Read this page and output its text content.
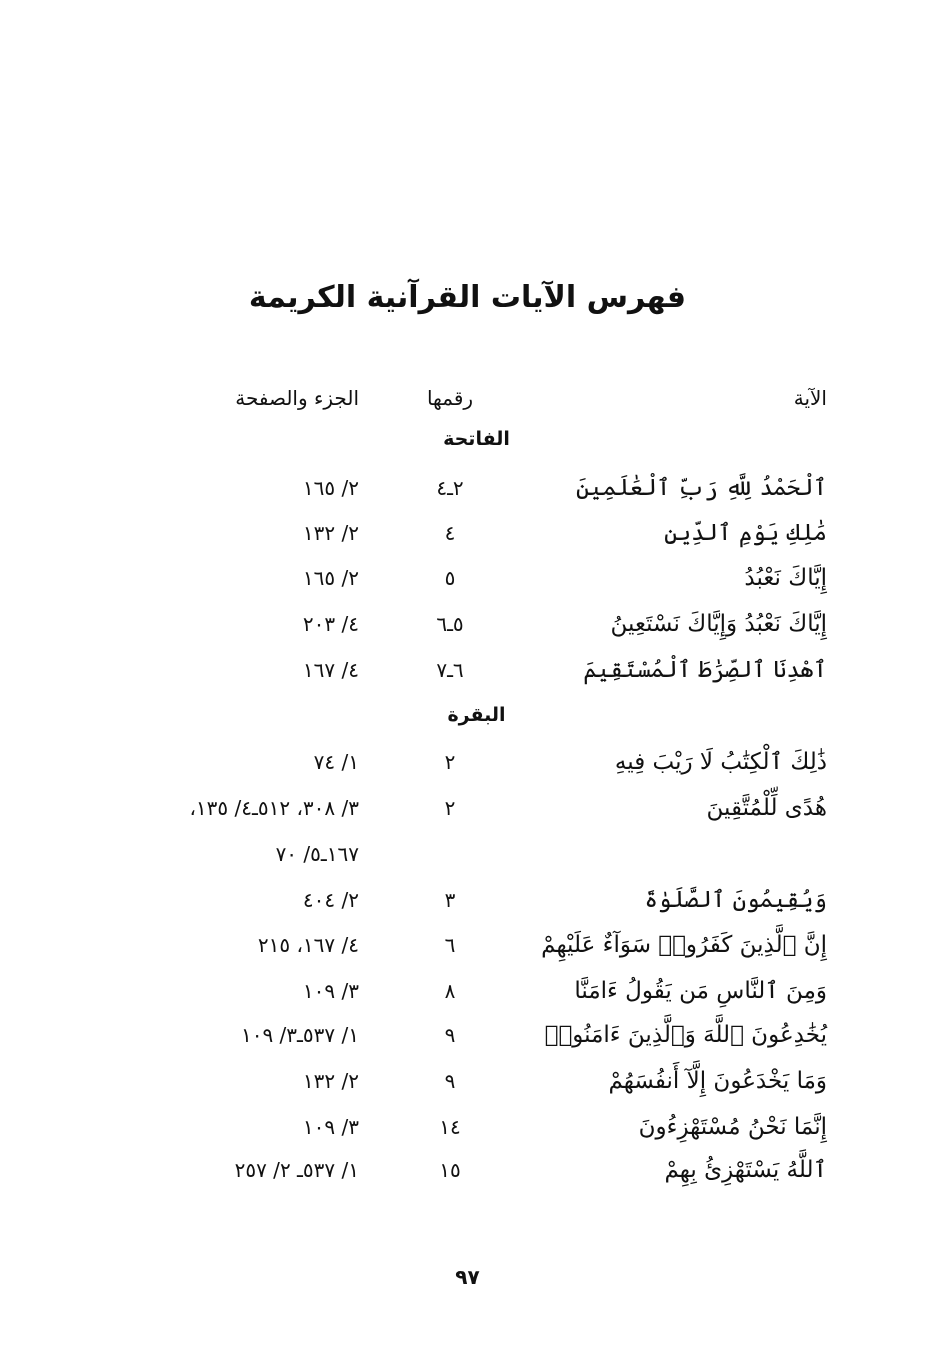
فهرس الآيات القرآنية الكريمة
الآية
رقمها
الجزء والصفحة
الفاتحة
ٱلْحَمْدُ لِلَّهِ رَبِّ ٱلْعَٰلَمِينَ
٢ـ٤
٢/ ١٦٥
مَٰلِكِ يَوْمِ ٱلدِّينِ
٤
٢/ ١٣٢
إِيَّاكَ نَعْبُدُ
٥
٢/ ١٦٥
إِيَّاكَ نَعْبُدُ وَإِيَّاكَ نَسْتَعِينُ
٥ـ٦
٤/ ٢٠٣
ٱهْدِنَا ٱلصِّرَٰطَ ٱلْمُسْتَقِيمَ
٦ـ٧
٤/ ١٦٧
البقرة
ذَٰلِكَ ٱلْكِتَٰبُ لَا رَيْبَ فِيهِ
٢
١/ ٧٤
هُدًى لِّلْمُتَّقِينَ
٢
٣/ ٣٠٨، ٥١٢ـ٤/ ١٣٥،
١٦٧ـ٥/ ٧٠
وَيُقِيمُونَ ٱلصَّلَوٰةَ
٣
٢/ ٤٠٤
إِنَّ ٱلَّذِينَ كَفَرُوا۟ سَوَآءٌ عَلَيْهِمْ
٦
٤/ ١٦٧، ٢١٥
وَمِنَ ٱلنَّاسِ مَن يَقُولُ ءَامَنَّا
٨
٣/ ١٠٩
يُخَٰدِعُونَ ٱللَّهَ وَٱلَّذِينَ ءَامَنُوا۟
٩
١/ ٥٣٧ـ٣/ ١٠٩
وَمَا يَخْدَعُونَ إِلَّآ أَنفُسَهُمْ
٩
٢/ ١٣٢
إِنَّمَا نَحْنُ مُسْتَهْزِءُونَ
١٤
٣/ ١٠٩
ٱللَّهُ يَسْتَهْزِئُ بِهِمْ
١٥
١/ ٥٣٧ـ ٢/ ٢٥٧
٩٧
